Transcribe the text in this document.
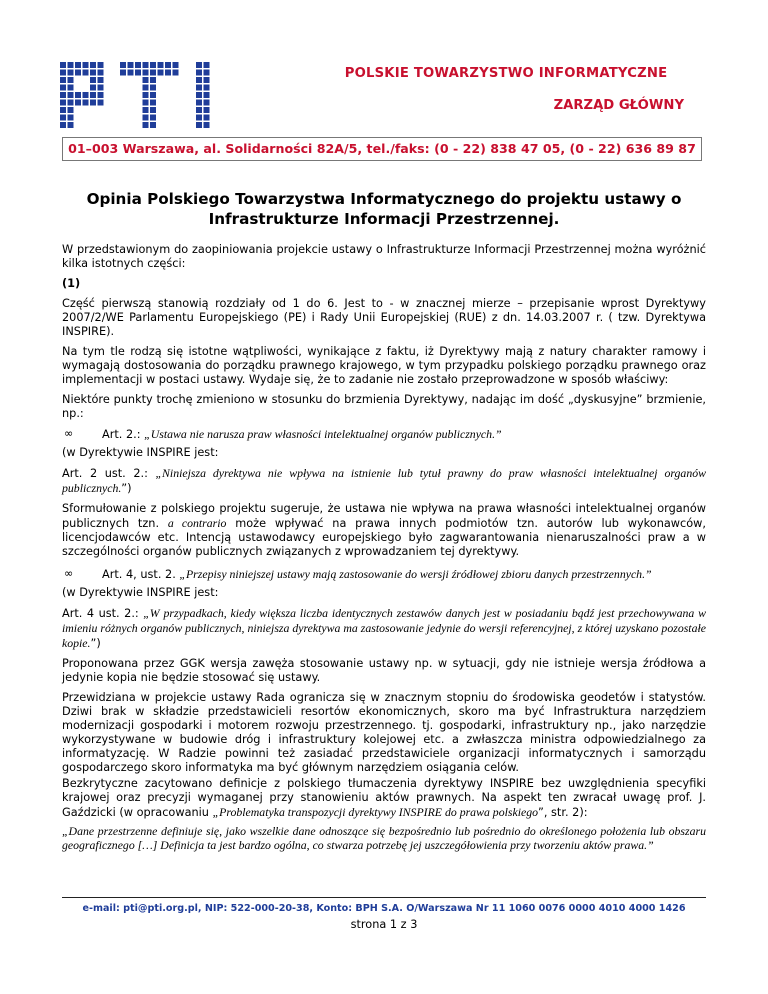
POLSKIE TOWARZYSTWO INFORMATYCZNE
ZARZĄD GŁÓWNY
01–003 Warszawa, al. Solidarności 82A/5, tel./faks: (0 - 22) 838 47 05, (0 - 22) 636 89 87
Opinia Polskiego Towarzystwa Informatycznego do projektu ustawy o Infrastrukturze Informacji Przestrzennej.

W przedstawionym do zaopiniowania projekcie ustawy o Infrastrukturze Informacji Przestrzennej można wyróżnić kilka istotnych części:

(1)

Część pierwszą stanowią rozdziały od 1 do 6. Jest to - w znacznej mierze – przepisanie wprost Dyrektywy 2007/2/WE Parlamentu Europejskiego (PE) i Rady Unii Europejskiej (RUE) z dn. 14.03.2007 r. ( tzw. Dyrektywa INSPIRE).

Na tym tle rodzą się istotne wątpliwości, wynikające z faktu, iż Dyrektywy mają z natury charakter ramowy i wymagają dostosowania do porządku prawnego krajowego, w tym przypadku polskiego porządku prawnego oraz implementacji w postaci ustawy. Wydaje się, że to zadanie nie zostało przeprowadzone w sposób właściwy:

Niektóre punkty trochę zmieniono w stosunku do brzmienia Dyrektywy, nadając im dość „dyskusyjne” brzmienie, np.:

∞	Art. 2.: „Ustawa nie narusza praw własności intelektualnej organów publicznych.”

(w Dyrektywie INSPIRE jest:

Art. 2 ust. 2.: „Niniejsza dyrektywa nie wpływa na istnienie lub tytuł prawny do praw własności intelektualnej organów publicznych.”)

Sformułowanie z polskiego projektu sugeruje, że ustawa nie wpływa na prawa własności intelektualnej organów publicznych tzn. a contrario może wpływać na prawa innych podmiotów tzn. autorów lub wykonawców, licencjodawców etc. Intencją ustawodawcy europejskiego było zagwarantowania nienaruszalności praw a w szczególności organów publicznych związanych z wprowadzaniem tej dyrektywy.

∞	Art. 4, ust. 2. „Przepisy niniejszej ustawy mają zastosowanie do wersji źródłowej zbioru danych przestrzennych.”

(w Dyrektywie INSPIRE jest:

Art. 4 ust. 2.: „W przypadkach, kiedy większa liczba identycznych zestawów danych jest w posiadaniu bądź jest przechowywana w imieniu różnych organów publicznych, niniejsza dyrektywa ma zastosowanie jedynie do wersji referencyjnej, z której uzyskano pozostałe kopie.”)

Proponowana przez GGK wersja zawęża stosowanie ustawy np. w sytuacji, gdy nie istnieje wersja źródłowa a jedynie kopia nie będzie stosować się ustawy.

Przewidziana w projekcie ustawy Rada ogranicza się w znacznym stopniu do środowiska geodetów i statystów. Dziwi brak w składzie przedstawicieli resortów ekonomicznych, skoro ma być Infrastruktura narzędziem modernizacji gospodarki i motorem rozwoju przestrzennego. tj. gospodarki, infrastruktury np., jako narzędzie wykorzystywane w budowie dróg i infrastruktury kolejowej etc. a zwłaszcza ministra odpowiedzialnego za informatyzację. W Radzie powinni też zasiadać przedstawiciele organizacji informatycznych i samorządu gospodarczego skoro informatyka ma być głównym narzędziem osiągania celów.

Bezkrytyczne zacytowano definicje z polskiego tłumaczenia dyrektywy INSPIRE bez uwzględnienia specyfiki krajowej oraz precyzji wymaganej przy stanowieniu aktów prawnych. Na aspekt ten zwracał uwagę prof. J. Gaździcki (w opracowaniu „Problematyka transpozycji dyrektywy INSPIRE do prawa polskiego”, str. 2):

„Dane przestrzenne definiuje się, jako wszelkie dane odnoszące się bezpośrednio lub pośrednio do określonego położenia lub obszaru geograficznego […] Definicja ta jest bardzo ogólna, co stwarza potrzebę jej uszczegółowienia przy tworzeniu aktów prawa.”

e-mail: pti@pti.org.pl, NIP: 522-000-20-38, Konto: BPH S.A. O/Warszawa Nr 11 1060 0076 0000 4010 4000 1426
strona 1 z 3
